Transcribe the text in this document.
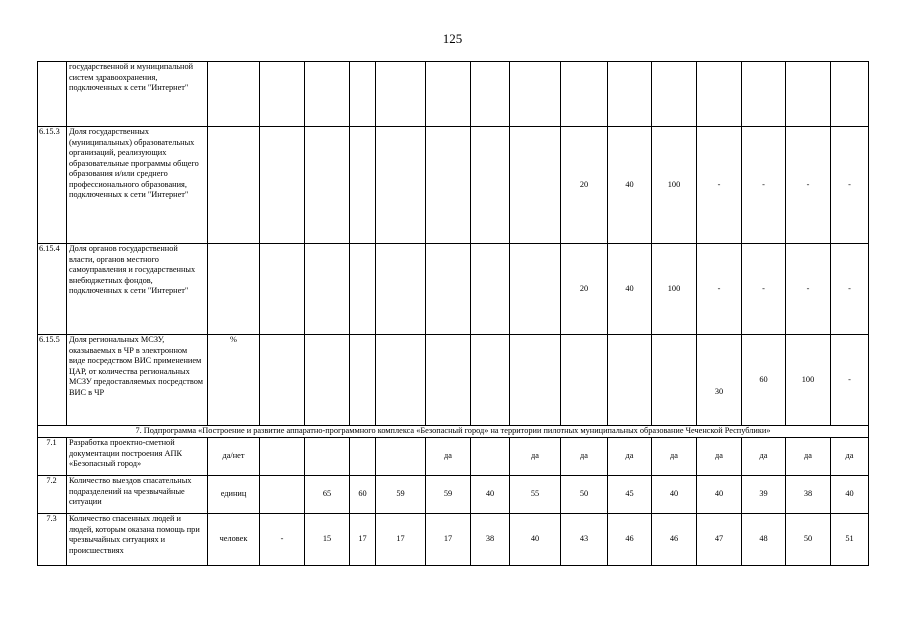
125
	государственной и муниципальной систем здравоохранения, подключенных к сети "Интернет"															
6.15.3	Доля государственных (муниципальных) образовательных организаций, реализующих образовательные программы общего образования и/или среднего профессионального образования, подключенных к сети "Интернет"									20	40	100	-	-	-	-
6.15.4	Доля органов государственной власти, органов местного самоуправления и государственных внебюджетных фондов, подключенных к сети "Интернет"									20	40	100	-	-	-	-
6.15.5	Доля региональных МСЗУ, оказываемых в ЧР в электронном виде посредством ВИС применением ЦАР, от количества региональных МСЗУ предоставляемых посредством ВИС в ЧР	%											30	60	100	-
7. Подпрограмма «Построение и развитие аппаратно-программного комплекса «Безопасный город» на территории пилотных муниципальных образование Чеченской Республики»																
7.1	Разработка проектно-сметной документации построения АПК «Безопасный город»	да/нет					да		да	да	да	да	да	да	да	да
7.2	Количество выездов спасательных подразделений на чрезвычайные ситуации	единиц		65	60	59	59	40	55	50	45	40	40	39	38	40
7.3	Количество спасенных людей и людей, которым оказана помощь при чрезвычайных ситуациях и происшествиях	человек	-	15	17	17	17	38	40	43	46	46	47	48	50	51
